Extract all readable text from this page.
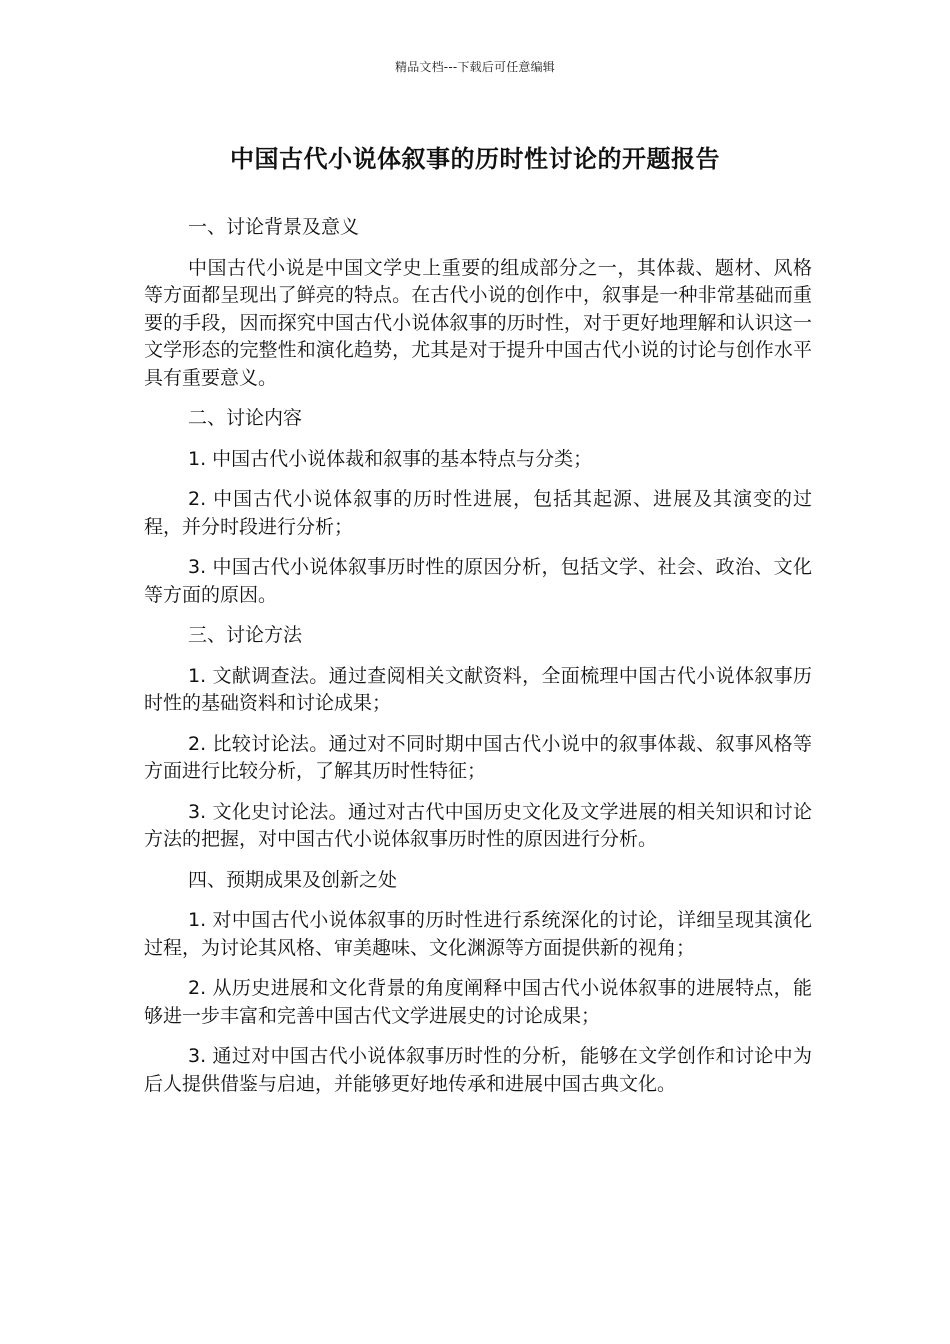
精品文档---下载后可任意编辑
中国古代小说体叙事的历时性讨论的开题报告

一、讨论背景及意义

中国古代小说是中国文学史上重要的组成部分之一，其体裁、题材、风格等方面都呈现出了鲜亮的特点。在古代小说的创作中，叙事是一种非常基础而重要的手段，因而探究中国古代小说体叙事的历时性，对于更好地理解和认识这一文学形态的完整性和演化趋势，尤其是对于提升中国古代小说的讨论与创作水平具有重要意义。

二、讨论内容

1. 中国古代小说体裁和叙事的基本特点与分类；

2. 中国古代小说体叙事的历时性进展，包括其起源、进展及其演变的过程，并分时段进行分析；

3. 中国古代小说体叙事历时性的原因分析，包括文学、社会、政治、文化等方面的原因。

三、讨论方法

1. 文献调查法。通过查阅相关文献资料，全面梳理中国古代小说体叙事历时性的基础资料和讨论成果；

2. 比较讨论法。通过对不同时期中国古代小说中的叙事体裁、叙事风格等方面进行比较分析，了解其历时性特征；

3. 文化史讨论法。通过对古代中国历史文化及文学进展的相关知识和讨论方法的把握，对中国古代小说体叙事历时性的原因进行分析。

四、预期成果及创新之处

1. 对中国古代小说体叙事的历时性进行系统深化的讨论，详细呈现其演化过程，为讨论其风格、审美趣味、文化渊源等方面提供新的视角；

2. 从历史进展和文化背景的角度阐释中国古代小说体叙事的进展特点，能够进一步丰富和完善中国古代文学进展史的讨论成果；

3. 通过对中国古代小说体叙事历时性的分析，能够在文学创作和讨论中为后人提供借鉴与启迪，并能够更好地传承和进展中国古典文化。
